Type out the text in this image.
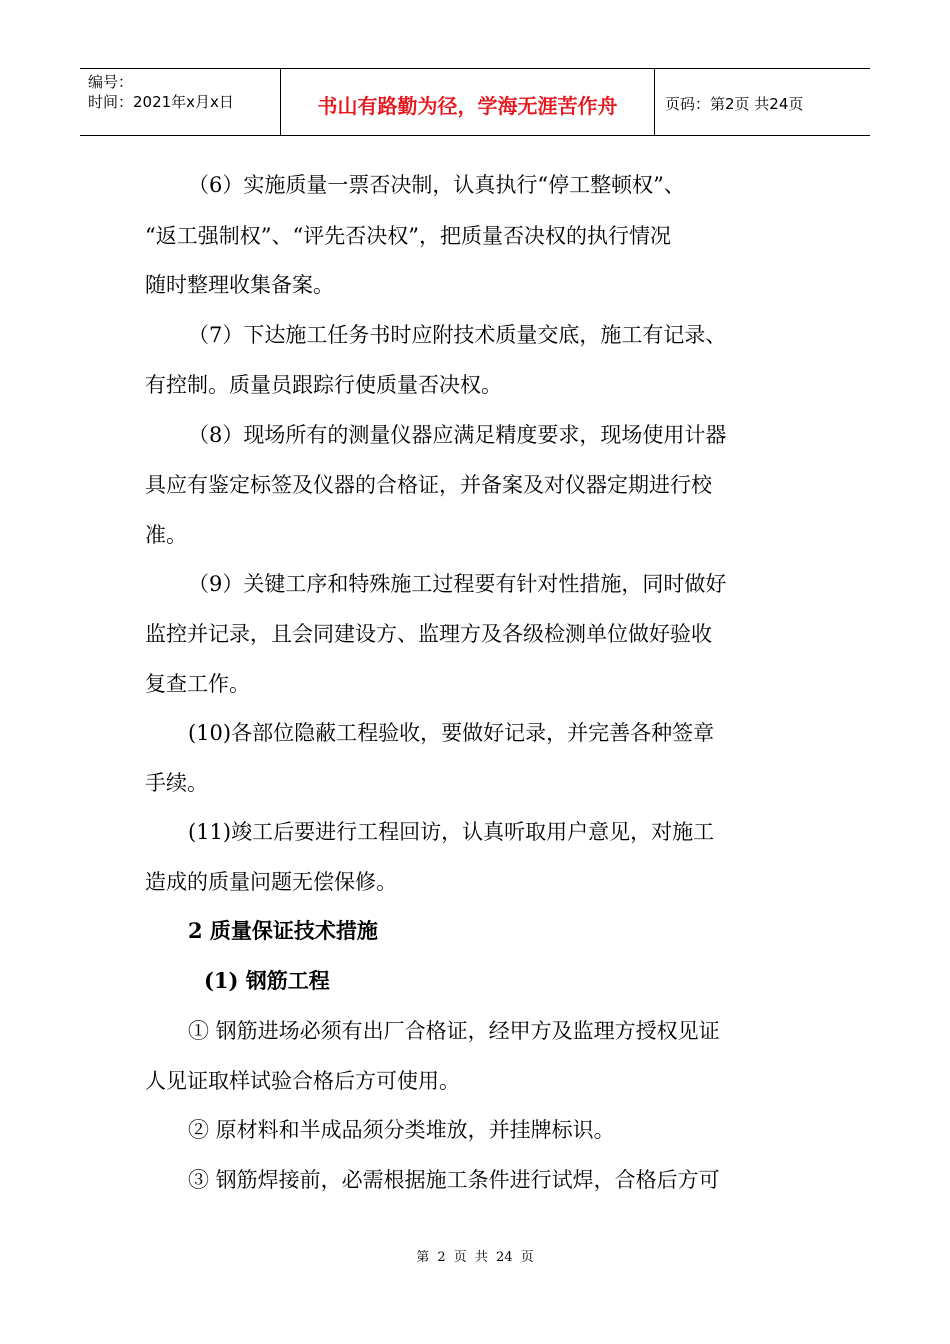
编号：
时间：2021年x月x日	书山有路勤为径，学海无涯苦作舟	页码：第2页 共24页
（6）实施质量一票否决制，认真执行“停工整顿权”、
“返工强制权”、“评先否决权”，把质量否决权的执行情况
随时整理收集备案。
（7）下达施工任务书时应附技术质量交底，施工有记录、
有控制。质量员跟踪行使质量否决权。
（8）现场所有的测量仪器应满足精度要求，现场使用计器
具应有鉴定标签及仪器的合格证，并备案及对仪器定期进行校
准。
（9）关键工序和特殊施工过程要有针对性措施，同时做好
监控并记录，且会同建设方、监理方及各级检测单位做好验收
复查工作。
(10)各部位隐蔽工程验收，要做好记录，并完善各种签章
手续。
(11)竣工后要进行工程回访，认真听取用户意见，对施工
造成的质量问题无偿保修。
2 质量保证技术措施
(1) 钢筋工程
① 钢筋进场必须有出厂合格证，经甲方及监理方授权见证
人见证取样试验合格后方可使用。
② 原材料和半成品须分类堆放，并挂牌标识。
③ 钢筋焊接前，必需根据施工条件进行试焊，合格后方可
第 2 页 共 24 页
